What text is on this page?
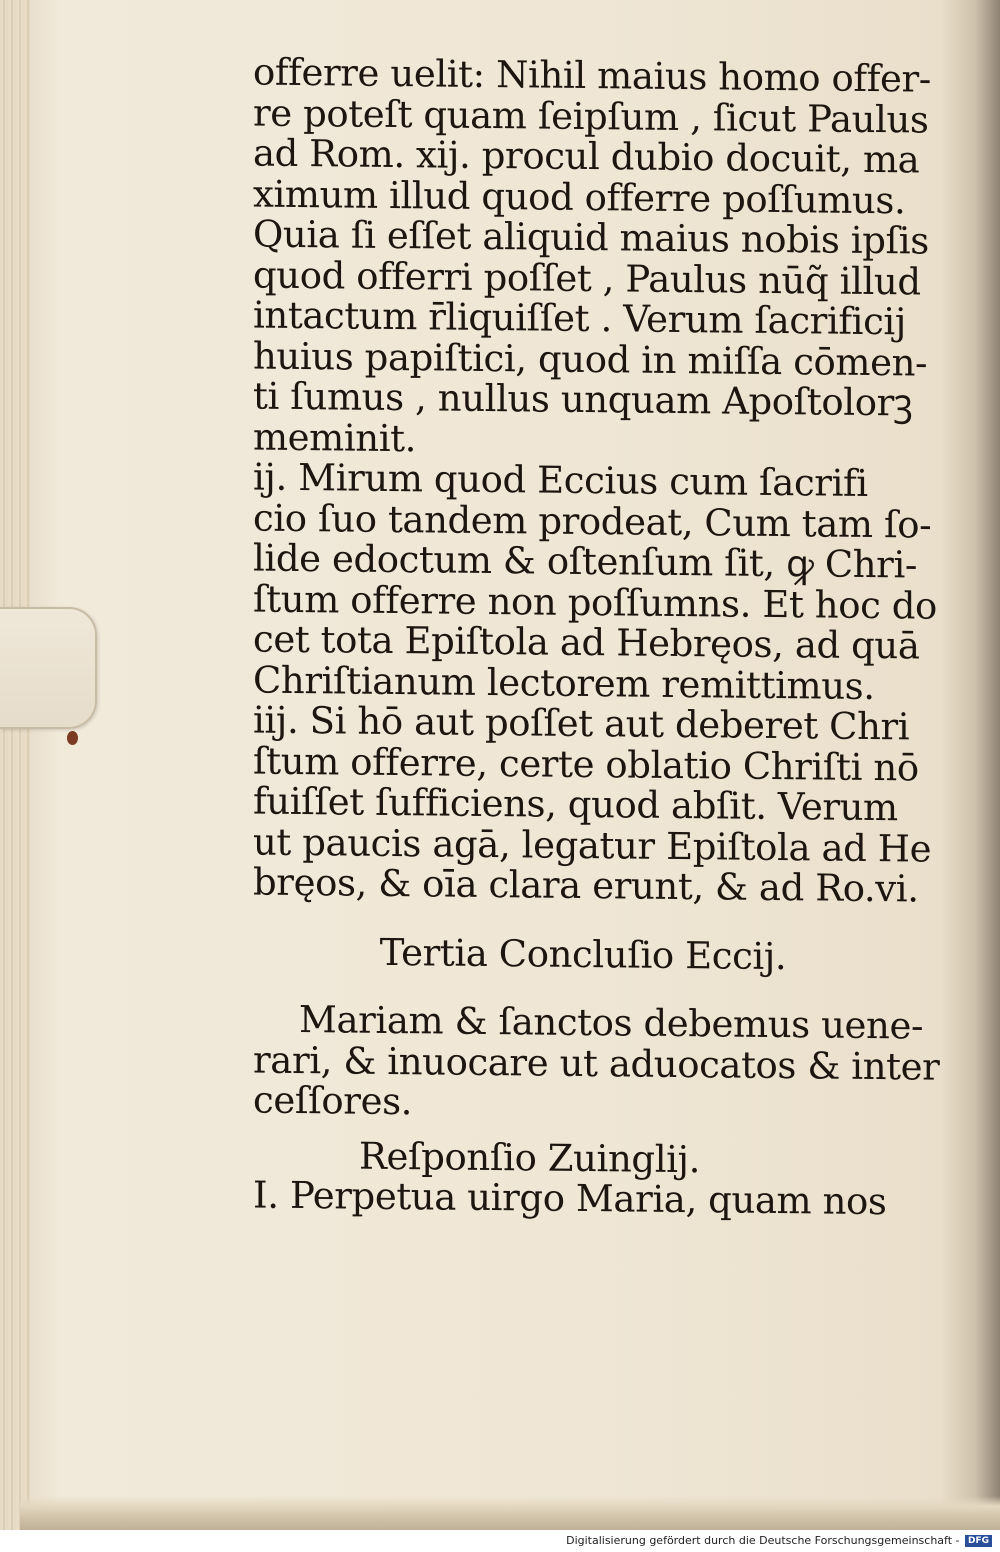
offerre uelit: Nihil maius homo offer-
re poteſt quam ſeipſum , ſicut Paulus
ad Rom. xij. procul dubio docuit, ma
ximum illud quod offerre poſſumus.
Quia ſi eſſet aliquid maius nobis ipſis
quod offerri poſſet , Paulus nūq̃ illud
intactum r̄liquiſſet . Verum ſacrificij
huius papiſtici, quod in miſſa cōmen-
ti ſumus , nullus unquam Apoſtolorꝫ
meminit.
ij. Mirum quod Eccius cum ſacrifi
cio ſuo tandem prodeat, Cum tam ſo-
lide edoctum & oſtenſum ſit, ꝙ Chri-
ſtum offerre non poſſumns. Et hoc do
cet tota Epiſtola ad Hebręos, ad quā
Chriſtianum lectorem remittimus.
iij. Si hō aut poſſet aut deberet Chri
ſtum offerre, certe oblatio Chriſti nō
fuiſſet ſufficiens, quod abſit. Verum
ut paucis agā, legatur Epiſtola ad He
bręos, & oīa clara erunt, & ad Ro.vi.
Tertia Concluſio Eccij.
Mariam & ſanctos debemus uene-
rari, & inuocare ut aduocatos & inter
ceſſores.
Reſponſio Zuinglij.
I. Perpetua uirgo Maria, quam nos
Digitalisierung gefördert durch die Deutsche Forschungsgemeinschaft - DFG
